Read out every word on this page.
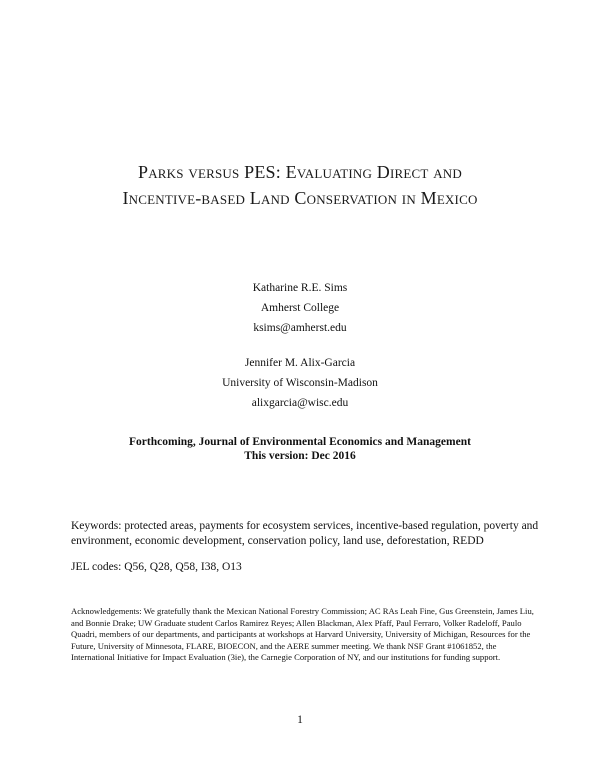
Parks versus PES: Evaluating Direct and
Incentive-based Land Conservation in Mexico
Katharine R.E. Sims
Amherst College
ksims@amherst.edu
Jennifer M. Alix-Garcia
University of Wisconsin-Madison
alixgarcia@wisc.edu
Forthcoming, Journal of Environmental Economics and Management
This version: Dec 2016
Keywords: protected areas, payments for ecosystem services, incentive-based regulation, poverty and environment, economic development, conservation policy, land use, deforestation, REDD
JEL codes: Q56, Q28, Q58, I38, O13
Acknowledgements: We gratefully thank the Mexican National Forestry Commission; AC RAs Leah Fine, Gus Greenstein, James Liu, and Bonnie Drake; UW Graduate student Carlos Ramirez Reyes; Allen Blackman, Alex Pfaff, Paul Ferraro, Volker Radeloff, Paulo Quadri, members of our departments, and participants at workshops at Harvard University, University of Michigan, Resources for the Future, University of Minnesota, FLARE, BIOECON, and the AERE summer meeting. We thank NSF Grant #1061852, the International Initiative for Impact Evaluation (3ie), the Carnegie Corporation of NY, and our institutions for funding support.
1
